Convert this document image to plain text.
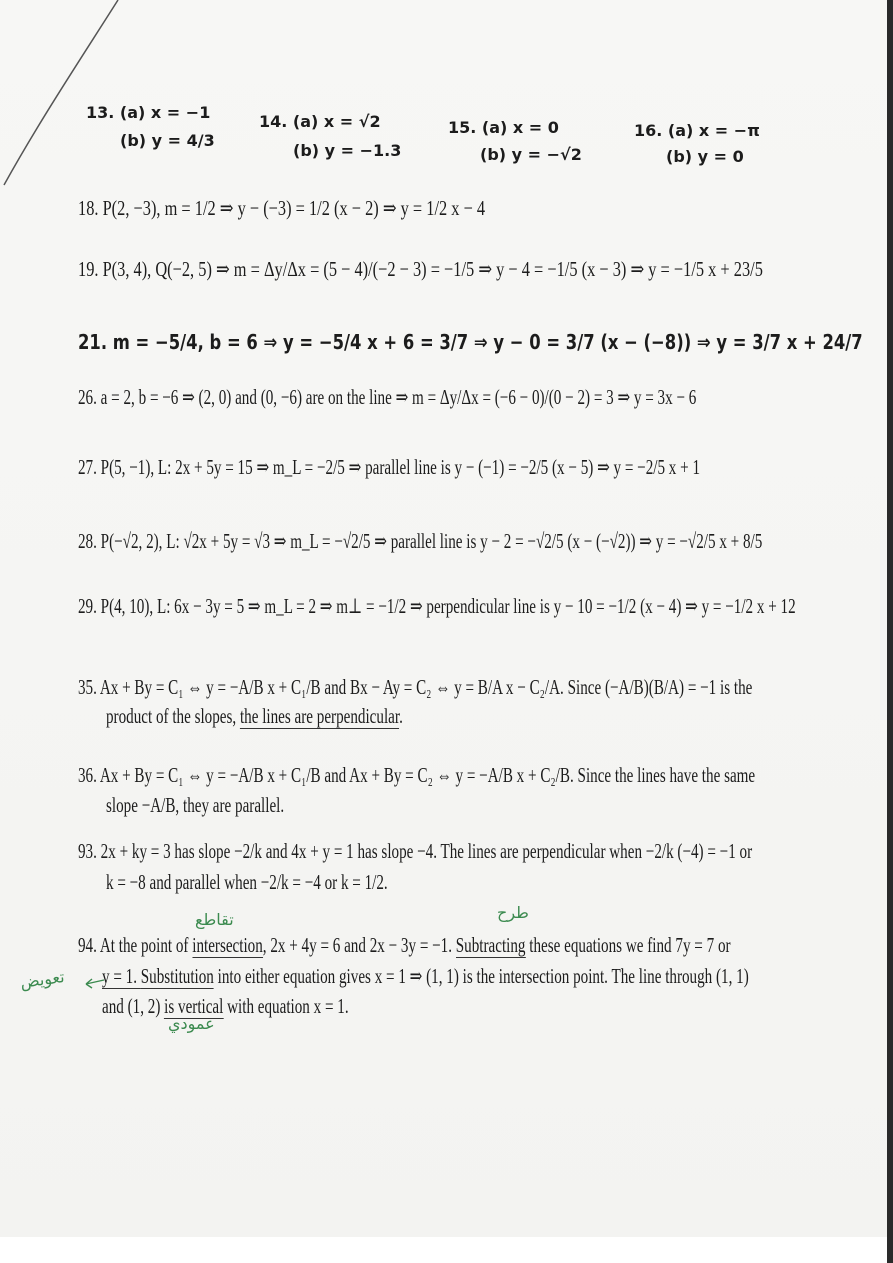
13. (a) x = −1
(b) y = 4/3
14. (a) x = √2
(b) y = −1.3
15. (a) x = 0
(b) y = −√2
16. (a) x = −π
(b) y = 0
18. P(2, −3), m = 1/2 ⇒ y − (−3) = 1/2 (x − 2) ⇒ y = 1/2 x − 4
19. P(3, 4), Q(−2, 5) ⇒ m = Δy/Δx = (5 − 4)/(−2 − 3) = −1/5 ⇒ y − 4 = −1/5 (x − 3) ⇒ y = −1/5 x + 23/5
21. m = −5/4, b = 6 ⇒ y = −5/4 x + 6 = 3/7 ⇒ y − 0 = 3/7 (x − (−8)) ⇒ y = 3/7 x + 24/7
26. a = 2, b = −6 ⇒ (2, 0) and (0, −6) are on the line ⇒ m = Δy/Δx = (−6 − 0)/(0 − 2) = 3 ⇒ y = 3x − 6
27. P(5, −1), L: 2x + 5y = 15 ⇒ m_L = −2/5 ⇒ parallel line is y − (−1) = −2/5 (x − 5) ⇒ y = −2/5 x + 1
28. P(−√2, 2), L: √2x + 5y = √3 ⇒ m_L = −√2/5 ⇒ parallel line is y − 2 = −√2/5 (x − (−√2)) ⇒ y = −√2/5 x + 8/5
29. P(4, 10), L: 6x − 3y = 5 ⇒ m_L = 2 ⇒ m⊥ = −1/2 ⇒ perpendicular line is y − 10 = −1/2 (x − 4) ⇒ y = −1/2 x + 12
35. Ax + By = C₁ ⇔ y = −A/B x + C₁/B and Bx − Ay = C₂ ⇔ y = B/A x − C₂/A. Since (−A/B)(B/A) = −1 is the
product of the slopes, the lines are perpendicular.
36. Ax + By = C₁ ⇔ y = −A/B x + C₁/B and Ax + By = C₂ ⇔ y = −A/B x + C₂/B. Since the lines have the same
slope −A/B, they are parallel.
93. 2x + ky = 3 has slope −2/k and 4x + y = 1 has slope −4. The lines are perpendicular when −2/k (−4) = −1 or
k = −8 and parallel when −2/k = −4 or k = 1/2.
تقاطع	طرح
94. At the point of intersection, 2x + 4y = 6 and 2x − 3y = −1. Subtracting these equations we find 7y = 7 or
y = 1. Substitution into either equation gives x = 1 ⇒ (1, 1) is the intersection point. The line through (1, 1)
and (1, 2) is vertical with equation x = 1.
تعويض
عمودي
